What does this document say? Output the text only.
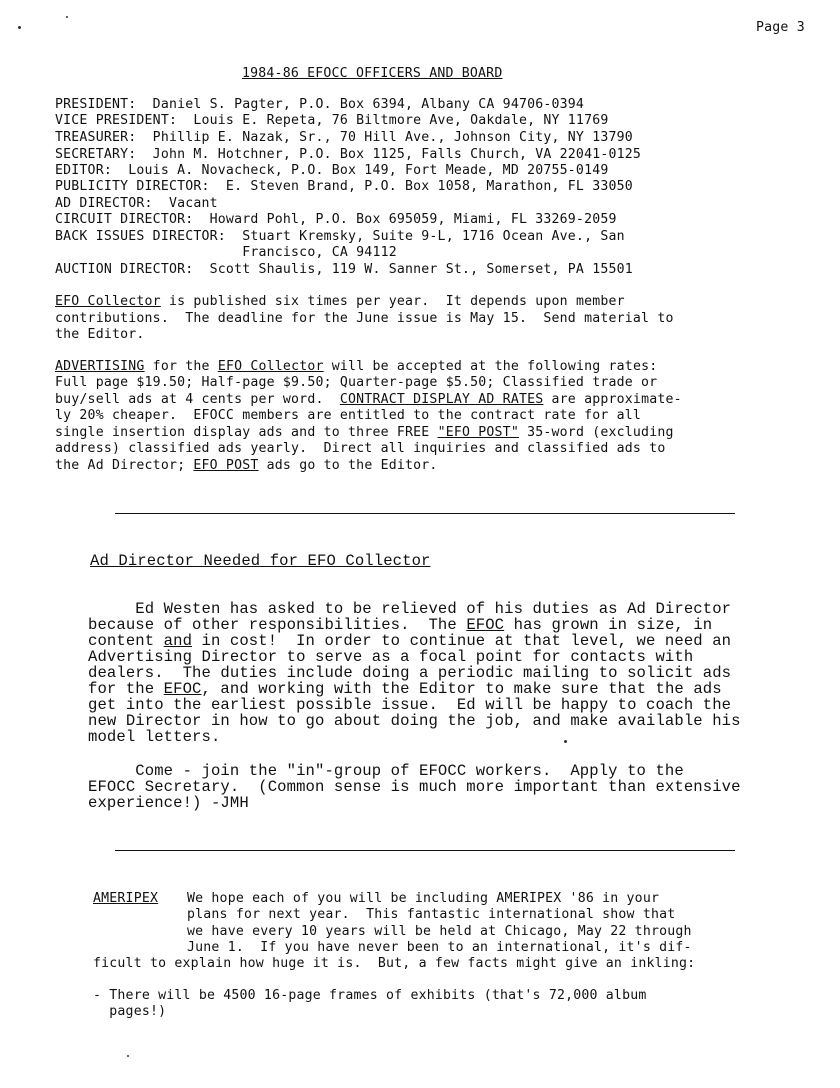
Page 3
1984-86 EFOCC OFFICERS AND BOARD
PRESIDENT:  Daniel S. Pagter, P.O. Box 6394, Albany CA 94706-0394
VICE PRESIDENT:  Louis E. Repeta, 76 Biltmore Ave, Oakdale, NY 11769
TREASURER:  Phillip E. Nazak, Sr., 70 Hill Ave., Johnson City, NY 13790
SECRETARY:  John M. Hotchner, P.O. Box 1125, Falls Church, VA 22041-0125
EDITOR:  Louis A. Novacheck, P.O. Box 149, Fort Meade, MD 20755-0149
PUBLICITY DIRECTOR:  E. Steven Brand, P.O. Box 1058, Marathon, FL 33050
AD DIRECTOR:  Vacant
CIRCUIT DIRECTOR:  Howard Pohl, P.O. Box 695059, Miami, FL 33269-2059
BACK ISSUES DIRECTOR:  Stuart Kremsky, Suite 9-L, 1716 Ocean Ave., San
Francisco, CA 94112
AUCTION DIRECTOR:  Scott Shaulis, 119 W. Sanner St., Somerset, PA 15501
EFO Collector is published six times per year.  It depends upon member
contributions.  The deadline for the June issue is May 15.  Send material to
the Editor.
ADVERTISING for the EFO Collector will be accepted at the following rates:
Full page $19.50; Half-page $9.50; Quarter-page $5.50; Classified trade or
buy/sell ads at 4 cents per word.  CONTRACT DISPLAY AD RATES are approximate-
ly 20% cheaper.  EFOCC members are entitled to the contract rate for all
single insertion display ads and to three FREE "EFO POST" 35-word (excluding
address) classified ads yearly.  Direct all inquiries and classified ads to
the Ad Director; EFO POST ads go to the Editor.
Ad Director Needed for EFO Collector
Ed Westen has asked to be relieved of his duties as Ad Director
because of other responsibilities.  The EFOC has grown in size, in
content and in cost!  In order to continue at that level, we need an
Advertising Director to serve as a focal point for contacts with
dealers.  The duties include doing a periodic mailing to solicit ads
for the EFOC, and working with the Editor to make sure that the ads
get into the earliest possible issue.  Ed will be happy to coach the
new Director in how to go about doing the job, and make available his
model letters.
Come - join the "in"-group of EFOCC workers.  Apply to the
EFOCC Secretary.  (Common sense is much more important than extensive
experience!) -JMH
AMERIPEX We hope each of you will be including AMERIPEX '86 in your
plans for next year.  This fantastic international show that
we have every 10 years will be held at Chicago, May 22 through
June 1.  If you have never been to an international, it's dif-
ficult to explain how huge it is.  But, a few facts might give an inkling:
- There will be 4500 16-page frames of exhibits (that's 72,000 album
pages!)
